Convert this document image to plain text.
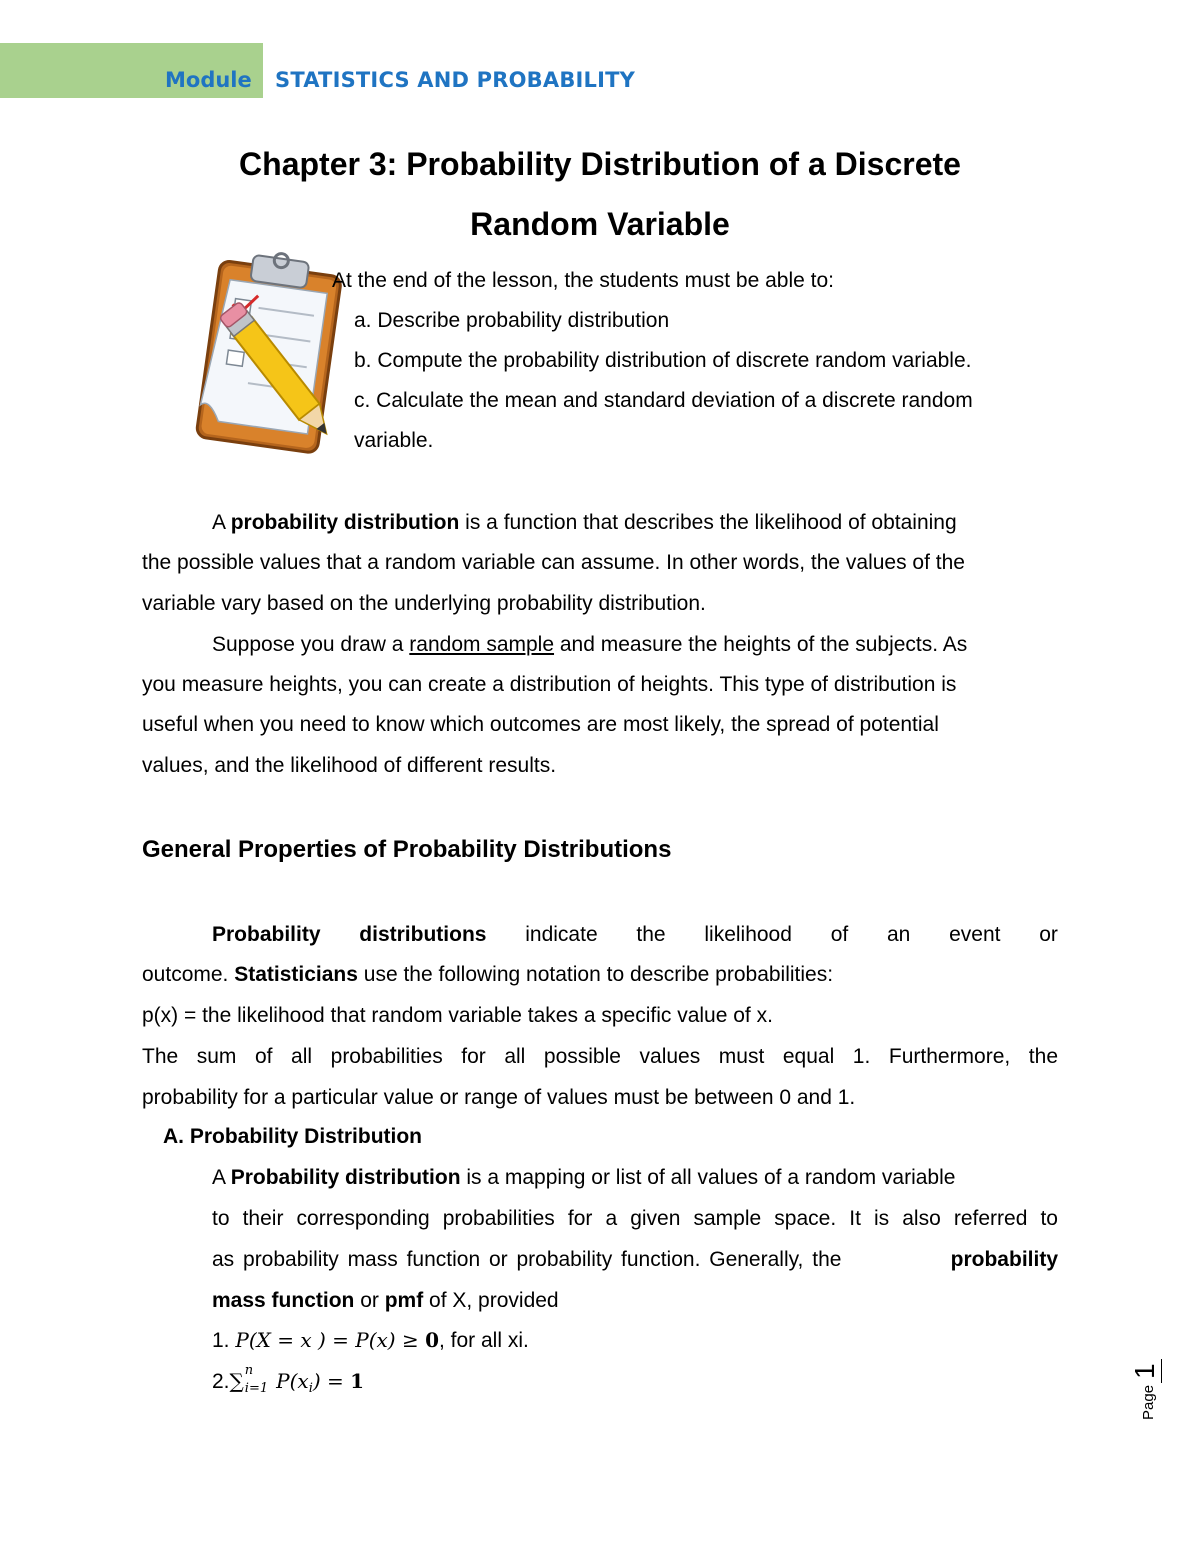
Module STATISTICS AND PROBABILITY
Chapter 3: Probability Distribution of a Discrete
Random Variable
At the end of the lesson, the students must be able to:
a. Describe probability distribution
b. Compute the probability distribution of discrete random variable.
c. Calculate the mean and standard deviation of a discrete random
variable.
A probability distribution is a function that describes the likelihood of obtaining
the possible values that a random variable can assume. In other words, the values of the
variable vary based on the underlying probability distribution.
Suppose you draw a random sample and measure the heights of the subjects. As
you measure heights, you can create a distribution of heights. This type of distribution is
useful when you need to know which outcomes are most likely, the spread of potential
values, and the likelihood of different results.
General Properties of Probability Distributions
Probability distributions indicate the likelihood of an event or
outcome. Statisticians use the following notation to describe probabilities:
p(x) = the likelihood that random variable takes a specific value of x.
The sum of all probabilities for all possible values must equal 1. Furthermore, the
probability for a particular value or range of values must be between 0 and 1.
A. Probability Distribution
A Probability distribution is a mapping or list of all values of a random variable
to their corresponding probabilities for a given sample space. It is also referred to
as probability mass function or probability function. Generally, the	probability
mass function or pmf of X, provided
1. P(X = x ) = P(x) ≥ 0, for all xi.
2.∑ n
i=1 P(xi) = 1
Page
1
